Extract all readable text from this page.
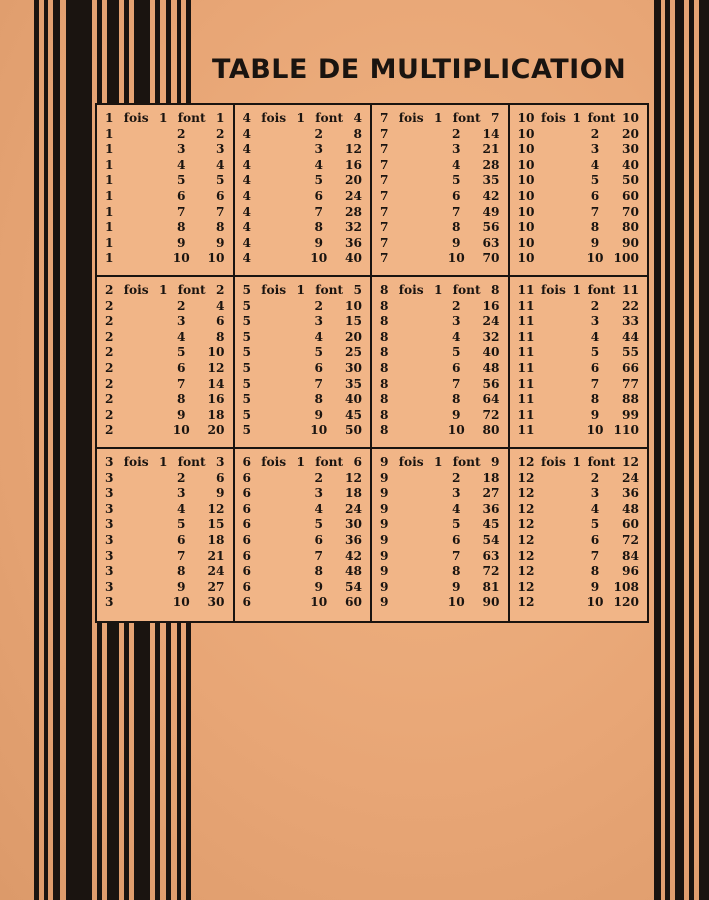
TABLE DE MULTIPLICATION
1 fois 1 font 1
1	2	2
1	3	3
1	4	4
1	5	5
1	6	6
1	7	7
1	8	8
1	9	9
1	10	10
4 fois 1 font 4
4	2	8
4	3	12
4	4	16
4	5	20
4	6	24
4	7	28
4	8	32
4	9	36
4	10	40
7 fois 1 font 7
7	2	14
7	3	21
7	4	28
7	5	35
7	6	42
7	7	49
7	8	56
7	9	63
7	10	70
10 fois 1 font 10
10	2	20
10	3	30
10	4	40
10	5	50
10	6	60
10	7	70
10	8	80
10	9	90
10	10 100
2 fois 1 font 2
2	2	4
2	3	6
2	4	8
2	5	10
2	6	12
2	7	14
2	8	16
2	9	18
2	10	20
5 fois 1 font 5
5	2	10
5	3	15
5	4	20
5	5	25
5	6	30
5	7	35
5	8	40
5	9	45
5	10	50
8 fois 1 font 8
8	2	16
8	3	24
8	4	32
8	5	40
8	6	48
8	7	56
8	8	64
8	9	72
8	10	80
11 fois 1 font 11
11	2	22
11	3	33
11	4	44
11	5	55
11	6	66
11	7	77
11	8	88
11	9	99
11	10 110
3 fois 1 font 3
3	2	6
3	3	9
3	4	12
3	5	15
3	6	18
3	7	21
3	8	24
3	9	27
3	10	30
6 fois 1 font 6
6	2	12
6	3	18
6	4	24
6	5	30
6	6	36
6	7	42
6	8	48
6	9	54
6	10	60
9 fois 1 font 9
9	2	18
9	3	27
9	4	36
9	5	45
9	6	54
9	7	63
9	8	72
9	9	81
9	10	90
12 fois 1 font 12
12	2	24
12	3	36
12	4	48
12	5	60
12	6	72
12	7	84
12	8	96
12	9	108
12	10 120
